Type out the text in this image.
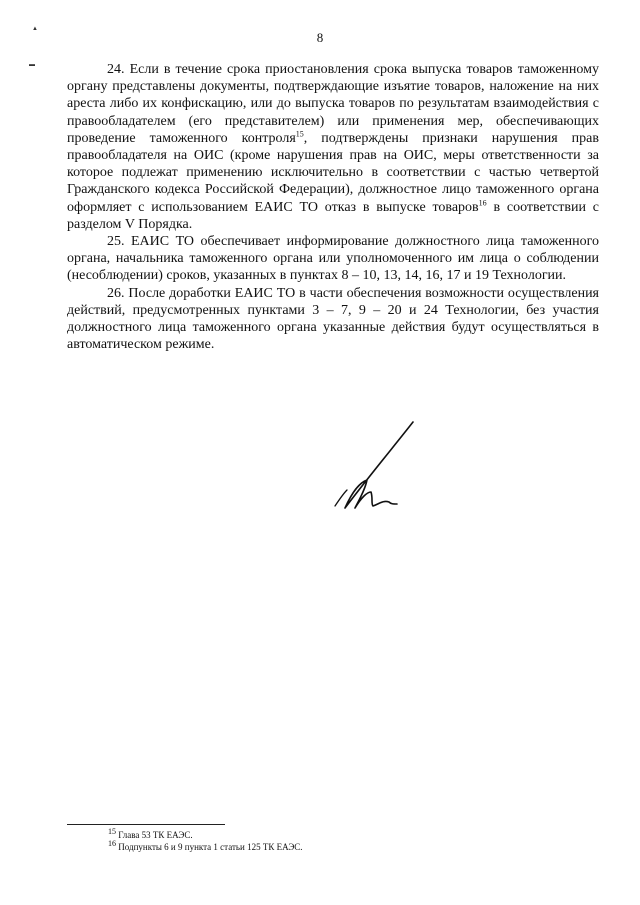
▲
▬
8

24. Если в течение срока приостановления срока выпуска товаров таможенному органу представлены документы, подтверждающие изъятие товаров, наложение на них ареста либо их конфискацию, или до выпуска товаров по результатам взаимодействия с правообладателем (его представителем) или применения мер, обеспечивающих проведение таможенного контроля$^{15}$, подтверждены признаки нарушения прав правообладателя на ОИС (кроме нарушения прав на ОИС, меры ответственности за которое подлежат применению исключительно в соответствии с частью четвертой Гражданского кодекса Российской Федерации), должностное лицо таможенного органа оформляет с использованием ЕАИС ТО отказ в выпуске товаров$^{16}$ в соответствии с разделом V Порядка.

25. ЕАИС ТО обеспечивает информирование должностного лица таможенного органа, начальника таможенного органа или уполномоченного им лица о соблюдении (несоблюдении) сроков, указанных в пунктах 8 – 10, 13, 14, 16, 17 и 19 Технологии.

26. После доработки ЕАИС ТО в части обеспечения возможности осуществления действий, предусмотренных пунктами 3 – 7, 9 – 20 и 24 Технологии, без участия должностного лица таможенного органа указанные действия будут осуществляться в автоматическом режиме.

$^{15}$ Глава 53 ТК ЕАЭС.
$^{16}$ Подпункты 6 и 9 пункта 1 статьи 125 ТК ЕАЭС.
